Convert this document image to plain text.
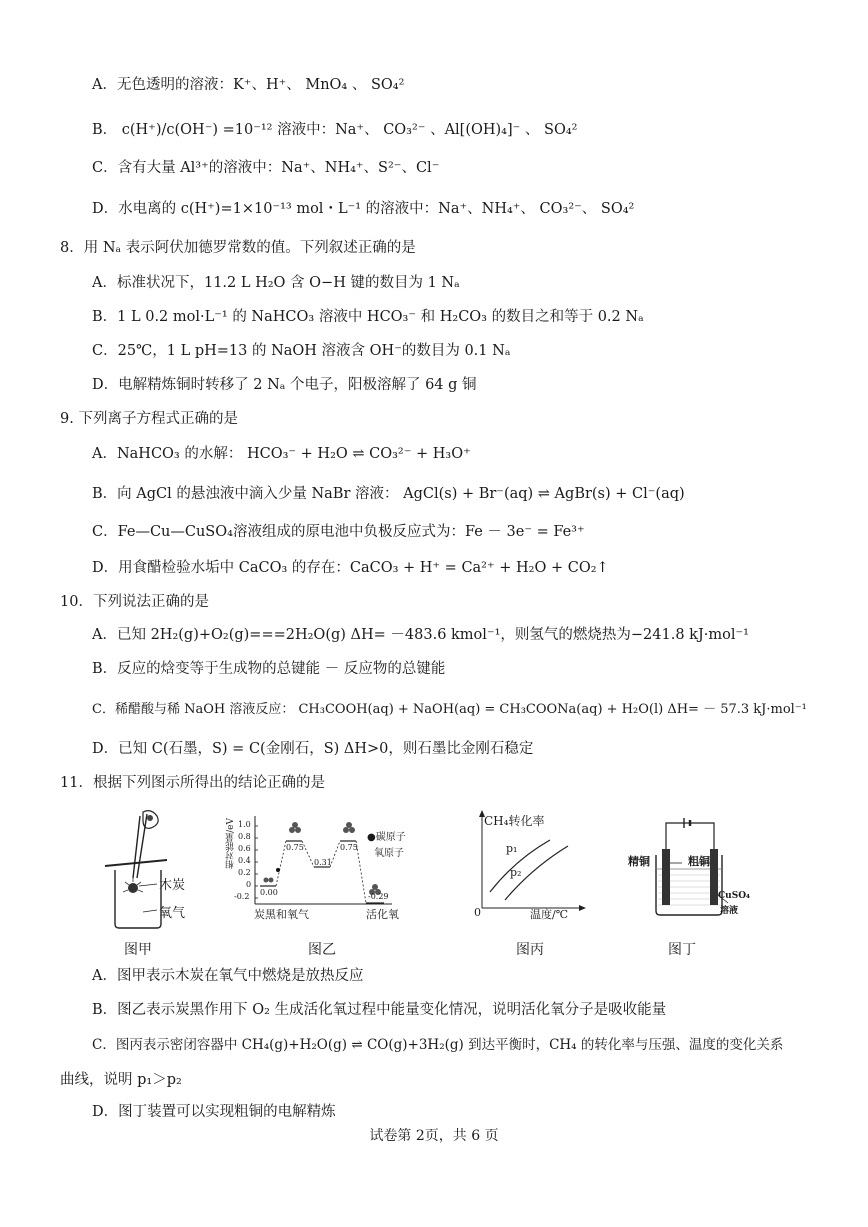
A．无色透明的溶液：K⁺、H⁺、 MnO₄ 、 SO₄²
B． c(H⁺)/c(OH⁻) =10⁻¹² 溶液中：Na⁺、 CO₃²⁻ 、Al[(OH)₄]⁻ 、 SO₄²
C．含有大量 Al³⁺的溶液中：Na⁺、NH₄⁺、S²⁻、Cl⁻
D．水电离的 c(H⁺)=1×10⁻¹³ mol・L⁻¹ 的溶液中：Na⁺、NH₄⁺、 CO₃²⁻、 SO₄²
8．用 Nₐ 表示阿伏加德罗常数的值。下列叙述正确的是
A．标准状况下，11.2 L H₂O 含 O−H 键的数目为 1 Nₐ
B．1 L 0.2 mol·L⁻¹ 的 NaHCO₃ 溶液中 HCO₃⁻ 和 H₂CO₃ 的数目之和等于 0.2 Nₐ
C．25℃，1 L pH=13 的 NaOH 溶液含 OH⁻的数目为 0.1 Nₐ
D．电解精炼铜时转移了 2 Nₐ 个电子，阳极溶解了 64 g 铜
9. 下列离子方程式正确的是
A．NaHCO₃ 的水解： HCO₃⁻ + H₂O ⇌ CO₃²⁻ + H₃O⁺
B．向 AgCl 的悬浊液中滴入少量 NaBr 溶液： AgCl(s) + Br⁻(aq) ⇌ AgBr(s) + Cl⁻(aq)
C．Fe—Cu—CuSO₄溶液组成的原电池中负极反应式为：Fe － 3e⁻ = Fe³⁺
D．用食醋检验水垢中 CaCO₃ 的存在：CaCO₃ + H⁺ = Ca²⁺ + H₂O + CO₂↑
10．下列说法正确的是
A．已知 2H₂(g)+O₂(g)===2H₂O(g) ΔH= －483.6 kmol⁻¹，则氢气的燃烧热为−241.8 kJ·mol⁻¹
B．反应的焓变等于生成物的总键能 － 反应物的总键能
C．稀醋酸与稀 NaOH 溶液反应： CH₃COOH(aq) + NaOH(aq) = CH₃COONa(aq) + H₂O(l) ΔH= － 57.3 kJ·mol⁻¹
D．已知 C(石墨，S) = C(金刚石，S) ΔH>0，则石墨比金刚石稳定
11．根据下列图示所得出的结论正确的是
木炭
氧气
图甲
相对能量/eV 1.0
0.8
0.6
0.4
0.2
0
-0.2 0.00
0.75
0.31
0.75
-0.29
●碳原子
氧原子
炭黑和氧气	活化氧
图乙
CH₄转化率
p₁
p₂
0	温度/℃
图丙
精铜	粗铜
CuSO₄
溶液
图丁
A．图甲表示木炭在氧气中燃烧是放热反应
B．图乙表示炭黑作用下 O₂ 生成活化氧过程中能量变化情况，说明活化氧分子是吸收能量
C．图丙表示密闭容器中 CH₄(g)+H₂O(g) ⇌ CO(g)+3H₂(g) 到达平衡时，CH₄ 的转化率与压强、温度的变化关系
曲线，说明 p₁＞p₂
D．图丁装置可以实现粗铜的电解精炼
试卷第 2页，共 6 页
